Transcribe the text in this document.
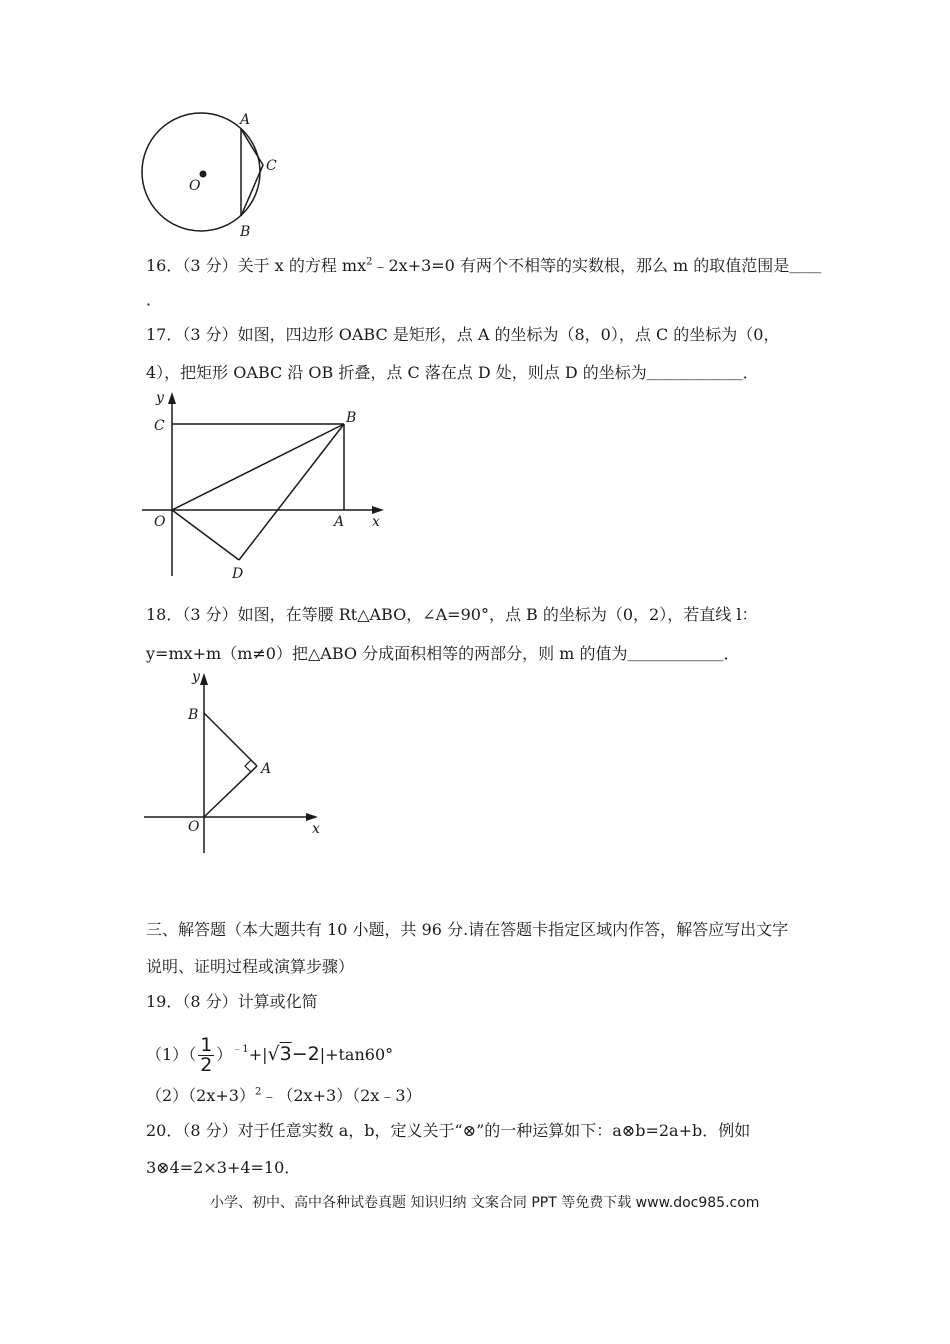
A
B
C
O
16．（3 分）关于 x 的方程 $mx^2﹣2x+3=0$ 有两个不相等的实数根，那么 m 的取值范围是＿＿
．
17．（3 分）如图，四边形 OABC 是矩形，点 A 的坐标为（8，0），点 C 的坐标为（0，
4），把矩形 OABC 沿 OB 折叠，点 C 落在点 D 处，则点 D 的坐标为＿＿＿＿＿＿．
y
C	B
O	A x
D
18．（3 分）如图，在等腰 Rt△ABO，∠A=90°，点 B 的坐标为（0，2），若直线 l：
y=mx+m（m≠0）把△ABO 分成面积相等的两部分，则 m 的值为＿＿＿＿＿＿．
y
B
A
O	x
三、解答题（本大题共有 10 小题，共 96 分.请在答题卡指定区域内作答，解答应写出文字
说明、证明过程或演算步骤）
19．（8 分）计算或化简
$(1)( \frac{1}{2} )^{﹣1}+|√3-2|+\tan 60^\circ$
$(2)(2x+3)^2﹣(2x+3)(2x﹣3)$
20．（8 分）对于任意实数 a，b，定义关于“⊗”的一种运算如下：a⊗b=2a+b．例如
3⊗4=2×3+4=10．
小学、初中、高中各种试卷真题 知识归纳 文案合同 PPT 等免费下载 www.doc985.com
